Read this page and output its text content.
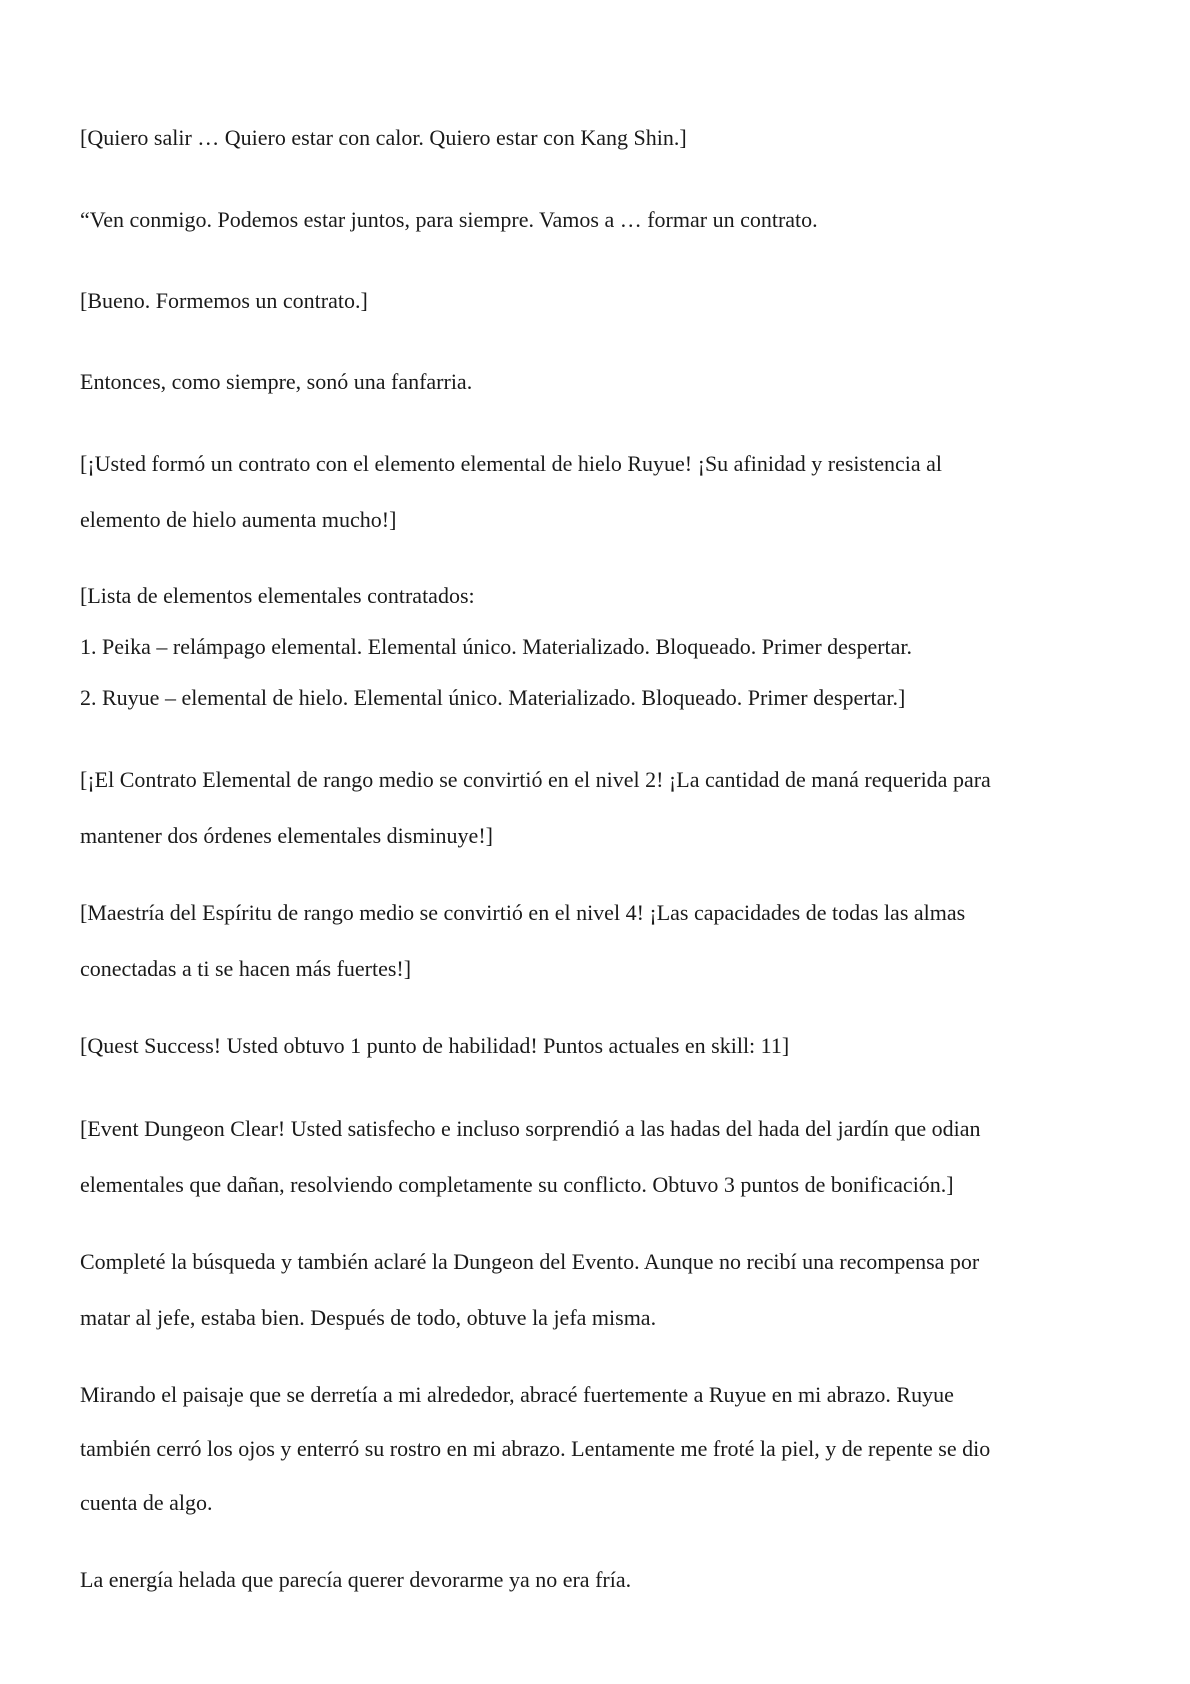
[Quiero salir … Quiero estar con calor. Quiero estar con Kang Shin.]
“Ven conmigo. Podemos estar juntos, para siempre. Vamos a … formar un contrato.
[Bueno. Formemos un contrato.]
Entonces, como siempre, sonó una fanfarria.
[¡Usted formó un contrato con el elemento elemental de hielo Ruyue! ¡Su afinidad y resistencia al
elemento de hielo aumenta mucho!]
[Lista de elementos elementales contratados:
1. Peika – relámpago elemental. Elemental único. Materializado. Bloqueado. Primer despertar.
2. Ruyue – elemental de hielo. Elemental único. Materializado. Bloqueado. Primer despertar.]
[¡El Contrato Elemental de rango medio se convirtió en el nivel 2! ¡La cantidad de maná requerida para
mantener dos órdenes elementales disminuye!]
[Maestría del Espíritu de rango medio se convirtió en el nivel 4! ¡Las capacidades de todas las almas
conectadas a ti se hacen más fuertes!]
[Quest Success! Usted obtuvo 1 punto de habilidad! Puntos actuales en skill: 11]
[Event Dungeon Clear! Usted satisfecho e incluso sorprendió a las hadas del hada del jardín que odian
elementales que dañan, resolviendo completamente su conflicto. Obtuvo 3 puntos de bonificación.]
Completé la búsqueda y también aclaré la Dungeon del Evento. Aunque no recibí una recompensa por
matar al jefe, estaba bien. Después de todo, obtuve la jefa misma.
Mirando el paisaje que se derretía a mi alrededor, abracé fuertemente a Ruyue en mi abrazo. Ruyue
también cerró los ojos y enterró su rostro en mi abrazo. Lentamente me froté la piel, y de repente se dio
cuenta de algo.
La energía helada que parecía querer devorarme ya no era fría.
